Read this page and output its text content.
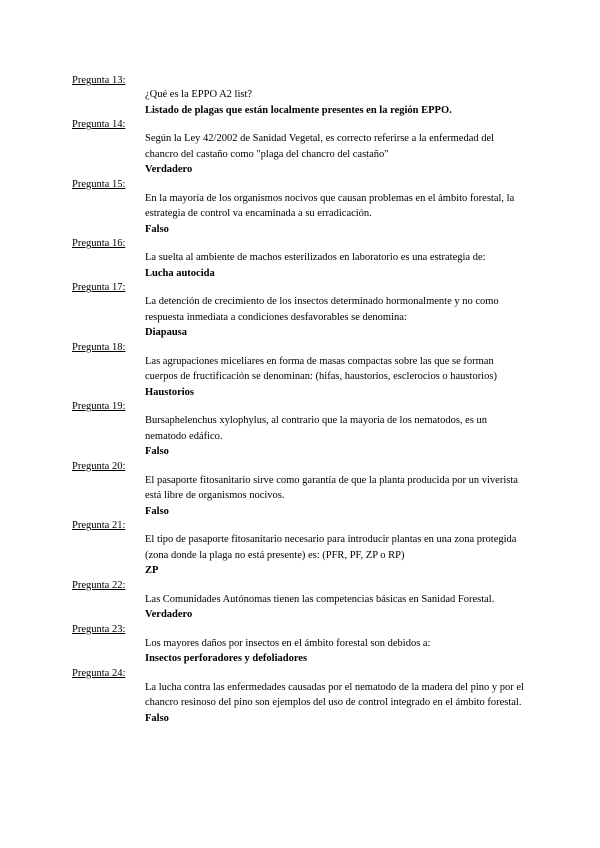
Pregunta 13:

¿Qué es la EPPO A2 list?

Listado de plagas que están localmente presentes en la región EPPO.

Pregunta 14:

Según la Ley 42/2002 de Sanidad Vegetal, es correcto referirse a la enfermedad del chancro del castaño como "plaga del chancro del castaño"

Verdadero

Pregunta 15:

En la mayoría de los organismos nocivos que causan problemas en el ámbito forestal, la estrategia de control va encaminada a su erradicación.

Falso

Pregunta 16:

La suelta al ambiente de machos esterilizados en laboratorio es una estrategia de:

Lucha autocida

Pregunta 17:

La detención de crecimiento de los insectos determinado hormonalmente y no como respuesta inmediata a condiciones desfavorables se denomina:

Diapausa

Pregunta 18:

Las agrupaciones miceliares en forma de masas compactas sobre las que se forman cuerpos de fructificación se denominan: (hifas, haustorios, esclerocios o haustorios)

Haustorios

Pregunta 19:

Bursaphelenchus xylophylus, al contrario que la mayoría de los nematodos, es un nematodo edáfico.

Falso

Pregunta 20:

El pasaporte fitosanitario sirve como garantía de que la planta producida por un viverista está libre de organismos nocivos.

Falso

Pregunta 21:

El tipo de pasaporte fitosanitario necesario para introducir plantas en una zona protegida (zona donde la plaga no está presente) es: (PFR, PF, ZP o RP)

ZP

Pregunta 22:

Las Comunidades Autónomas tienen las competencias básicas en Sanidad Forestal.

Verdadero

Pregunta 23:

Los mayores daños por insectos en el ámbito forestal son debidos a:

Insectos perforadores y defoliadores

Pregunta 24:

La lucha contra las enfermedades causadas por el nematodo de la madera del pino y por el chancro resinoso del pino son ejemplos del uso de control integrado en el ámbito forestal.

Falso
